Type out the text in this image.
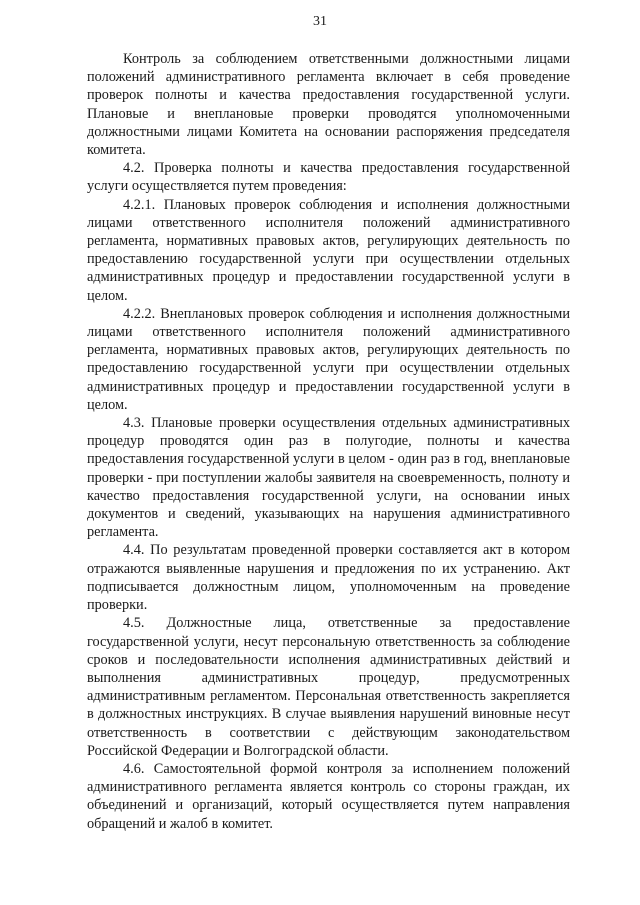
31

Контроль за соблюдением ответственными должностными лицами положений административного регламента включает в себя проведение проверок полноты и качества предоставления государственной услуги. Плановые и внеплановые проверки проводятся уполномоченными должностными лицами Комитета на основании распоряжения председателя комитета.

4.2. Проверка полноты и качества предоставления государственной услуги осуществляется путем проведения:

4.2.1. Плановых проверок соблюдения и исполнения должностными лицами ответственного исполнителя положений административного регламента, нормативных правовых актов, регулирующих деятельность по предоставлению государственной услуги при осуществлении отдельных административных процедур и предоставлении государственной услуги в целом.

4.2.2. Внеплановых проверок соблюдения и исполнения должностными лицами ответственного исполнителя положений административного регламента, нормативных правовых актов, регулирующих деятельность по предоставлению государственной услуги при осуществлении отдельных административных процедур и предоставлении государственной услуги в целом.

4.3. Плановые проверки осуществления отдельных административных процедур проводятся один раз в полугодие, полноты и качества предоставления государственной услуги в целом - один раз в год, внеплановые проверки - при поступлении жалобы заявителя на своевременность, полноту и качество предоставления государственной услуги, на основании иных документов и сведений, указывающих на нарушения административного регламента.

4.4. По результатам проведенной проверки составляется акт в котором отражаются выявленные нарушения и предложения по их устранению. Акт подписывается должностным лицом, уполномоченным на проведение проверки.

4.5. Должностные лица, ответственные за предоставление государственной услуги, несут персональную ответственность за соблюдение сроков и последовательности исполнения административных действий и выполнения административных процедур, предусмотренных административным регламентом. Персональная ответственность закрепляется в должностных инструкциях. В случае выявления нарушений виновные несут ответственность в соответствии с действующим законодательством Российской Федерации и Волгоградской области.

4.6. Самостоятельной формой контроля за исполнением положений административного регламента является контроль со стороны граждан, их объединений и организаций, который осуществляется путем направления обращений и жалоб в комитет.
